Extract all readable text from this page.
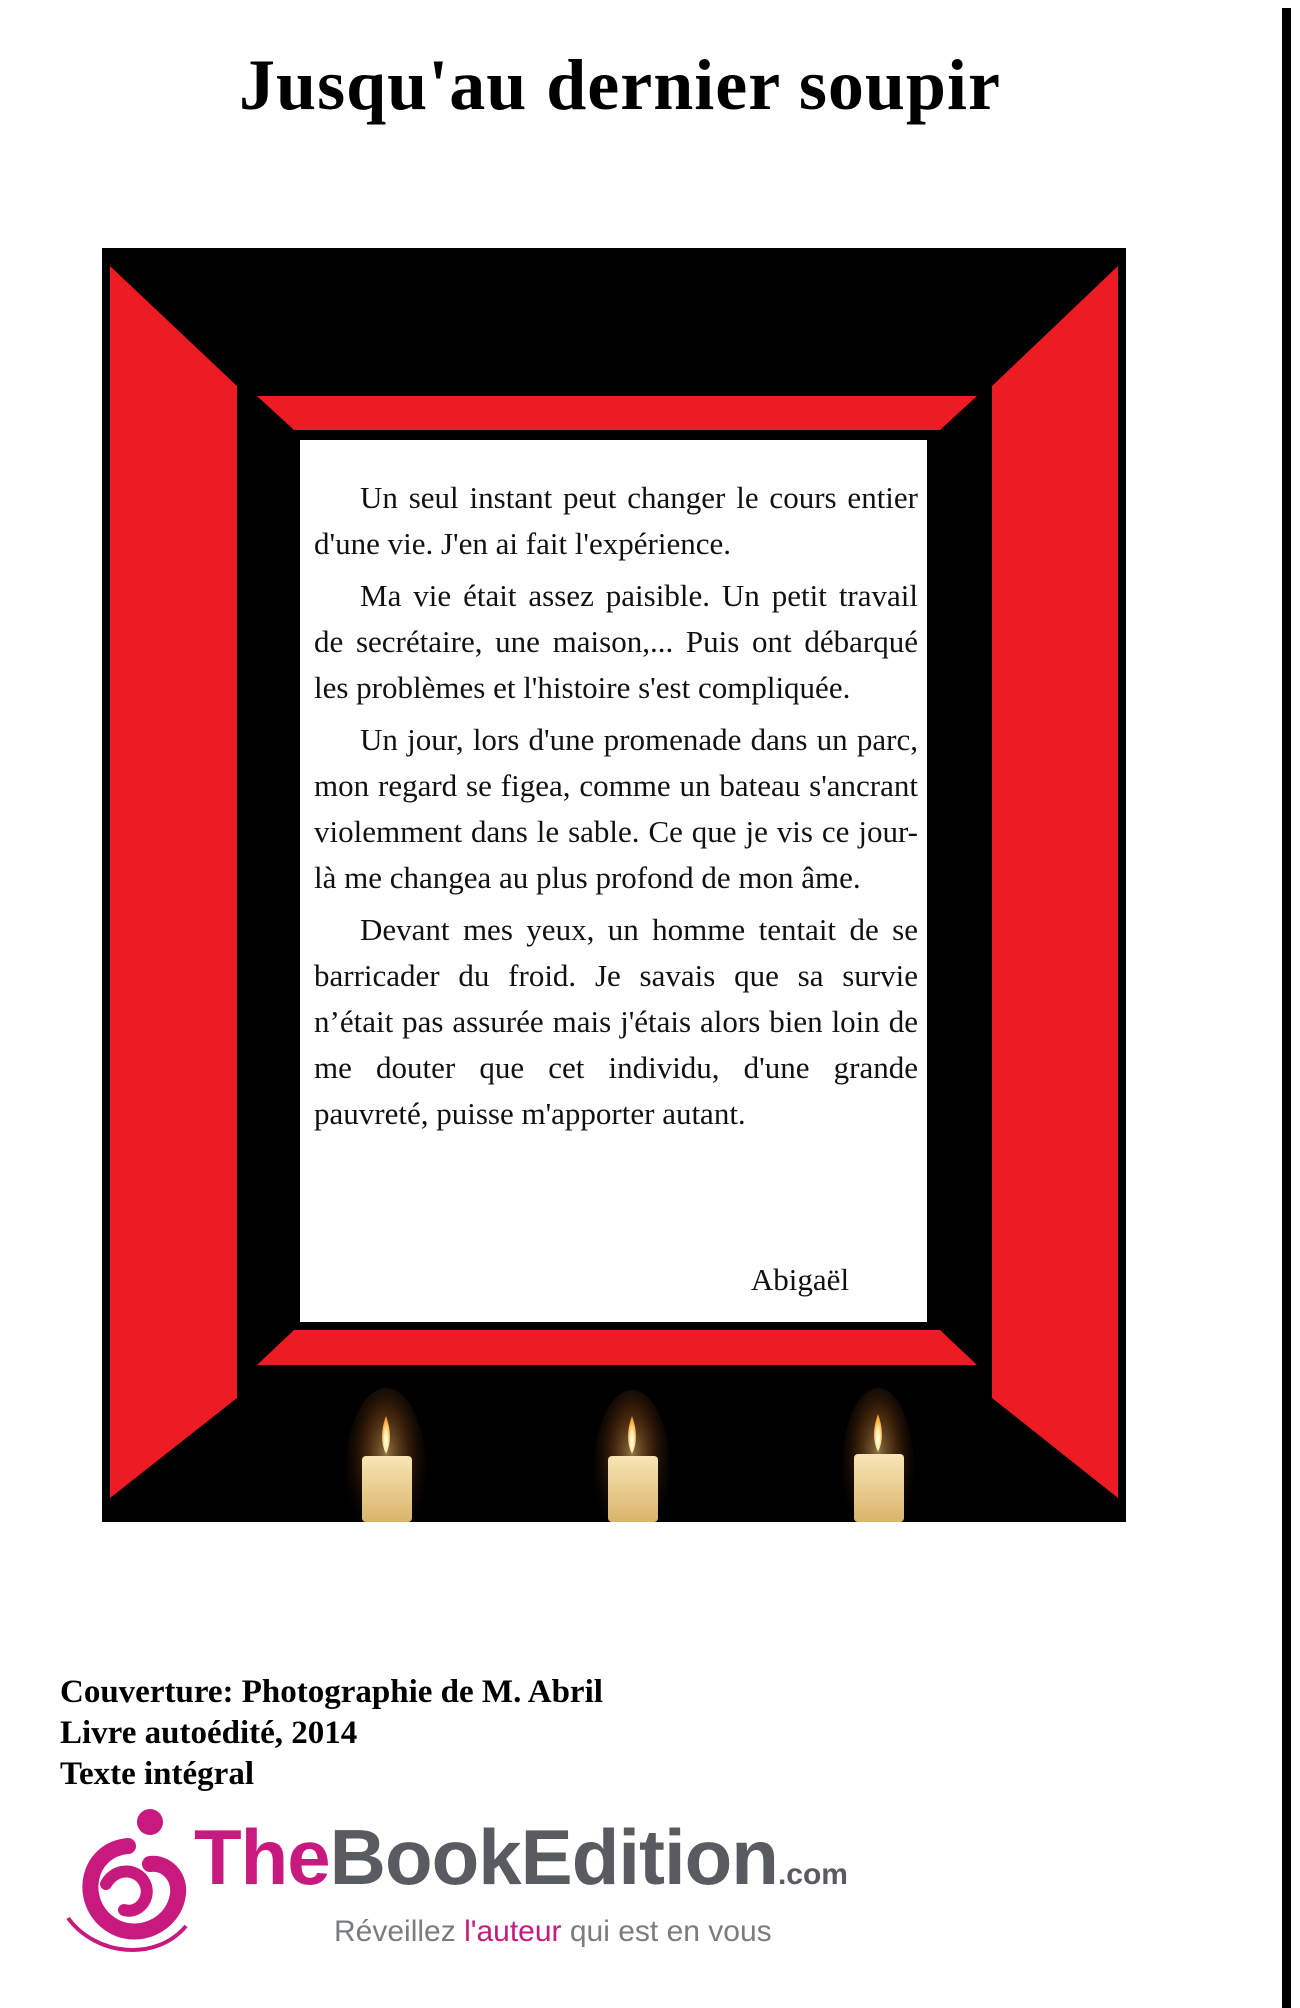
Jusqu'au dernier soupir

Un seul instant peut changer le cours entier d'une vie. J'en ai fait l'expérience.

Ma vie était assez paisible. Un petit travail de secrétaire, une maison,... Puis ont débarqué les problèmes et l'histoire s'est compliquée.

Un jour, lors d'une promenade dans un parc, mon regard se figea, comme un bateau s'ancrant violemment dans le sable. Ce que je vis ce jour-là me changea au plus profond de mon âme.

Devant mes yeux, un homme tentait de se barricader du froid. Je savais que sa survie n’était pas assurée mais j'étais alors bien loin de me douter que cet individu, d'une grande pauvreté, puisse m'apporter autant.

Abigaël
Couverture: Photographie de M. Abril
Livre autoédité, 2014
Texte intégral
TheBookEdition.com
Réveillez l'auteur qui est en vous
